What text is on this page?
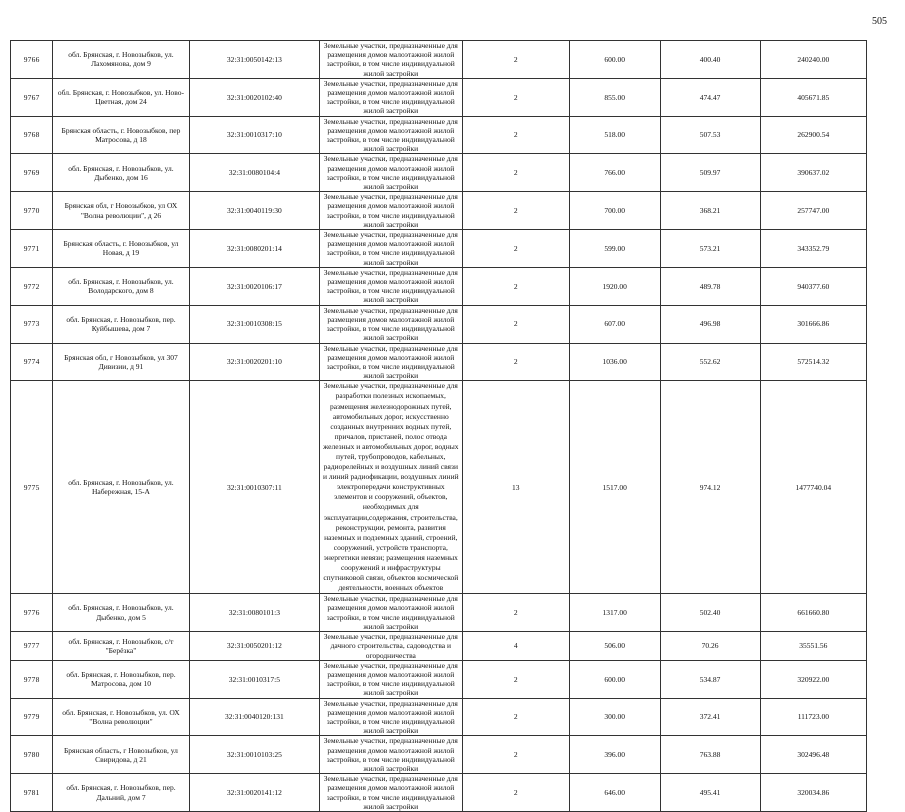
505
9766	обл. Брянская, г. Новозыбков, ул. Лахомянова, дом 9	32:31:0050142:13	Земельные участки, предназначенные для размещения домов малоэтажной жилой застройки, в том числе индивидуальной жилой застройки	2	600.00	400.40	240240.00
9767	обл. Брянская, г. Новозыбков, ул. Ново-Цветная, дом 24	32:31:0020102:40	Земельные участки, предназначенные для размещения домов малоэтажной жилой застройки, в том числе индивидуальной жилой застройки	2	855.00	474.47	405671.85
9768	Брянская область, г. Новозыбков, пер Матросова, д 18	32:31:0010317:10	Земельные участки, предназначенные для размещения домов малоэтажной жилой застройки, в том числе индивидуальной жилой застройки	2	518.00	507.53	262900.54
9769	обл. Брянская, г. Новозыбков, ул. Дыбенко, дом 16	32:31:0080104:4	Земельные участки, предназначенные для размещения домов малоэтажной жилой застройки, в том числе индивидуальной жилой застройки	2	766.00	509.97	390637.02
9770	Брянская обл, г Новозыбков, ул ОХ "Волна революции", д 26	32:31:0040119:30	Земельные участки, предназначенные для размещения домов малоэтажной жилой застройки, в том числе индивидуальной жилой застройки	2	700.00	368.21	257747.00
9771	Брянская область, г. Новозыбков, ул Новая, д 19	32:31:0080201:14	Земельные участки, предназначенные для размещения домов малоэтажной жилой застройки, в том числе индивидуальной жилой застройки	2	599.00	573.21	343352.79
9772	обл. Брянская, г. Новозыбков, ул. Володарского, дом 8	32:31:0020106:17	Земельные участки, предназначенные для размещения домов малоэтажной жилой застройки, в том числе индивидуальной жилой застройки	2	1920.00	489.78	940377.60
9773	обл. Брянская, г. Новозыбков, пер. Куйбышева, дом 7	32:31:0010308:15	Земельные участки, предназначенные для размещения домов малоэтажной жилой застройки, в том числе индивидуальной жилой застройки	2	607.00	496.98	301666.86
9774	Брянская обл, г Новозыбков, ул 307 Дивизии, д 91	32:31:0020201:10	Земельные участки, предназначенные для размещения домов малоэтажной жилой застройки, в том числе индивидуальной жилой застройки	2	1036.00	552.62	572514.32
9775	обл. Брянская, г. Новозыбков, ул. Набережная, 15-А	32:31:0010307:11	Земельные участки, предназначенные для разработки полезных ископаемых, размещения железнодорожных путей, автомобильных дорог, искусственно созданных внутренних водных путей, причалов, пристаней, полос отвода железных и автомобильных дорог, водных путей, трубопроводов, кабельных, радиорелейных и воздушных линий связи и линий радиофикации, воздушных линий электропередачи конструктивных элементов и сооружений, объектов, необходимых для эксплуатации,содержания, строительства, реконструкции, ремонта, развития наземных и подземных зданий, строений, сооружений, устройств транспорта, энергетики иевязи; размещения наземных сооружений и инфраструктуры спутниковой связи, объектов космической деятельности, военных объектов	13	1517.00	974.12	1477740.04
9776	обл. Брянская, г. Новозыбков, ул. Дыбенко, дом 5	32:31:0080101:3	Земельные участки, предназначенные для размещения домов малоэтажной жилой застройки, в том числе индивидуальной жилой застройки	2	1317.00	502.40	661660.80
9777	обл. Брянская, г. Новозыбков, с/т "Берёзка"	32:31:0050201:12	Земельные участки, предназначенные для дачного строительства, садоводства и огородничества	4	506.00	70.26	35551.56
9778	обл. Брянская, г. Новозыбков, пер. Матросова, дом 10	32:31:0010317:5	Земельные участки, предназначенные для размещения домов малоэтажной жилой застройки, в том числе индивидуальной жилой застройки	2	600.00	534.87	320922.00
9779	обл. Брянская, г. Новозыбков, ул. ОХ "Волна революции"	32:31:0040120:131	Земельные участки, предназначенные для размещения домов малоэтажной жилой застройки, в том числе индивидуальной жилой застройки	2	300.00	372.41	111723.00
9780	Брянская область, г Новозыбков, ул Свиридова, д 21	32:31:0010103:25	Земельные участки, предназначенные для размещения домов малоэтажной жилой застройки, в том числе индивидуальной жилой застройки	2	396.00	763.88	302496.48
9781	обл. Брянская, г. Новозыбков, пер. Дальний, дом 7	32:31:0020141:12	Земельные участки, предназначенные для размещения домов малоэтажной жилой застройки, в том числе индивидуальной жилой застройки	2	646.00	495.41	320034.86
